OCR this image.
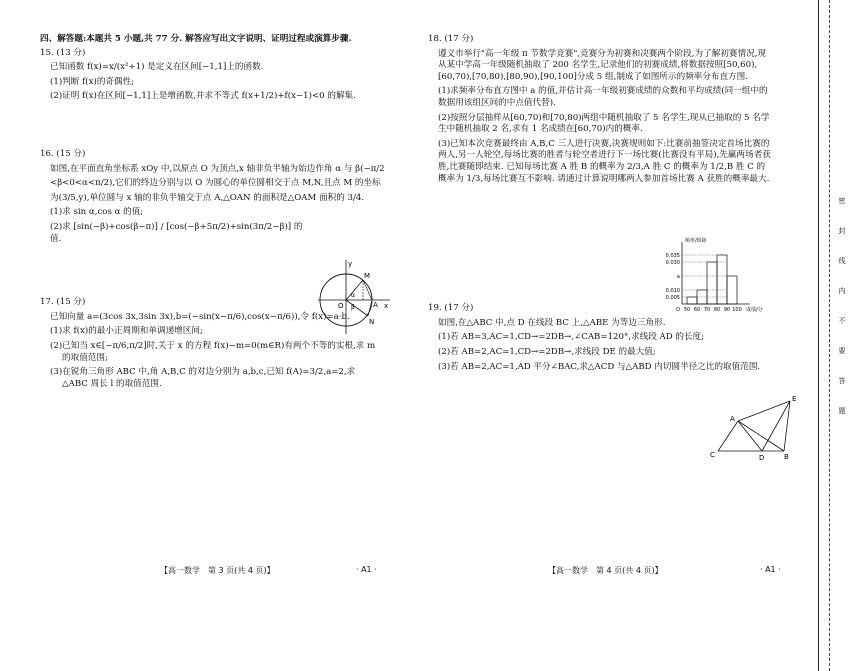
四、解答题:本题共 5 小题,共 77 分. 解答应写出文字说明、证明过程或演算步骤.

15. (13 分)

已知函数 f(x)=x/(x²+1) 是定义在区间[−1,1]上的函数.

(1)判断 f(x)的奇偶性;

(2)证明 f(x)在区间[−1,1]上是增函数,并求不等式 f(x+1/2)+f(x−1)<0 的解集.

16. (15 分)

如图,在平面直角坐标系 xOy 中,以原点 O 为顶点,x 轴非负半轴为始边作角 α 与 β(−π/2

<β<0<α<π/2),它们的终边分别与以 O 为圆心的单位圆相交于点 M,N,且点 M 的坐标

为(3/5,y),单位圆与 x 轴的非负半轴交于点 A,△OAN 的面积是△OAM 面积的 3/4.

(1)求 sin α,cos α 的值;

(2)求 [sin(−β)+cos(β−π)] / [cos(−β+5π/2)+sin(3π/2−β)] 的值.

17. (15 分)

已知向量 a=(3cos 3x,3sin 3x),b=(−sin(x−π/6),cos(x−π/6)),令 f(x)=a·b.

(1)求 f(x)的最小正周期和单调递增区间;

(2)已知当 x∈[−π/6,π/2]时,关于 x 的方程 f(x)−m=0(m∈R)有两个不等的实根,求 m

的取值范围;

(3)在锐角三角形 ABC 中,角 A,B,C 的对边分别为 a,b,c,已知 f(A)=3/2,a=2,求

△ABC 周长 l 的取值范围.

y
x
O	A
M
N
α
β

18. (17 分)

遵义市举行"高一年级 π 节数学竞赛",竞赛分为初赛和决赛两个阶段,为了解初赛情况,现从某中学高一年级随机抽取了 200 名学生,记录他们的初赛成绩,将数据按照[50,60),[60,70),[70,80),[80,90),[90,100]分成 5 组,制成了如图所示的频率分布直方图.

(1)求频率分布直方图中 a 的值,并估计高一年级初赛成绩的众数和平均成绩(同一组中的数据用该组区间的中点值代替).

(2)按照分层抽样从[60,70)和[70,80)两组中随机抽取了 5 名学生,现从已抽取的 5 名学生中随机抽取 2 名,求有 1 名成绩在[60,70)内的概率.

(3)已知本次竞赛最终由 A,B,C 三人进行决赛,决赛规则如下:比赛前抽签决定首场比赛的两人,另一人轮空,每场比赛的胜者与轮空者进行下一场比赛(比赛没有平局),先赢两场者获胜,比赛随即结束. 已知每场比赛 A 胜 B 的概率为 2/3,A 胜 C 的概率为 1/2,B 胜 C 的概率为 1/3,每场比赛互不影响. 请通过计算说明哪两人参加首场比赛 A 获胜的概率最大.

19. (17 分)

如图,在△ABC 中,点 D 在线段 BC 上,△ABE 为等边三角形.

(1)若 AB=3,AC=1,CD→=2DB→,∠CAB=120°,求线段 AD 的长度;

(2)若 AB=2,AC=1,CD→=2DB→,求线段 DE 的最大值;

(3)若 AB=2,AC=1,AD 平分∠BAC,求△ACD 与△ABD 内切圆半径之比的取值范围.

0.035
0.030
a
0.010
0.005
50 60 70 80 90 100
O
频率/组距
成绩/分
E
A
C	D	B
【高一数学　第 3 页(共 4 页)】	· A1 ·	【高一数学　第 4 页(共 4 页)】	· A1 ·
密
封
线
内
不
要
答
题
